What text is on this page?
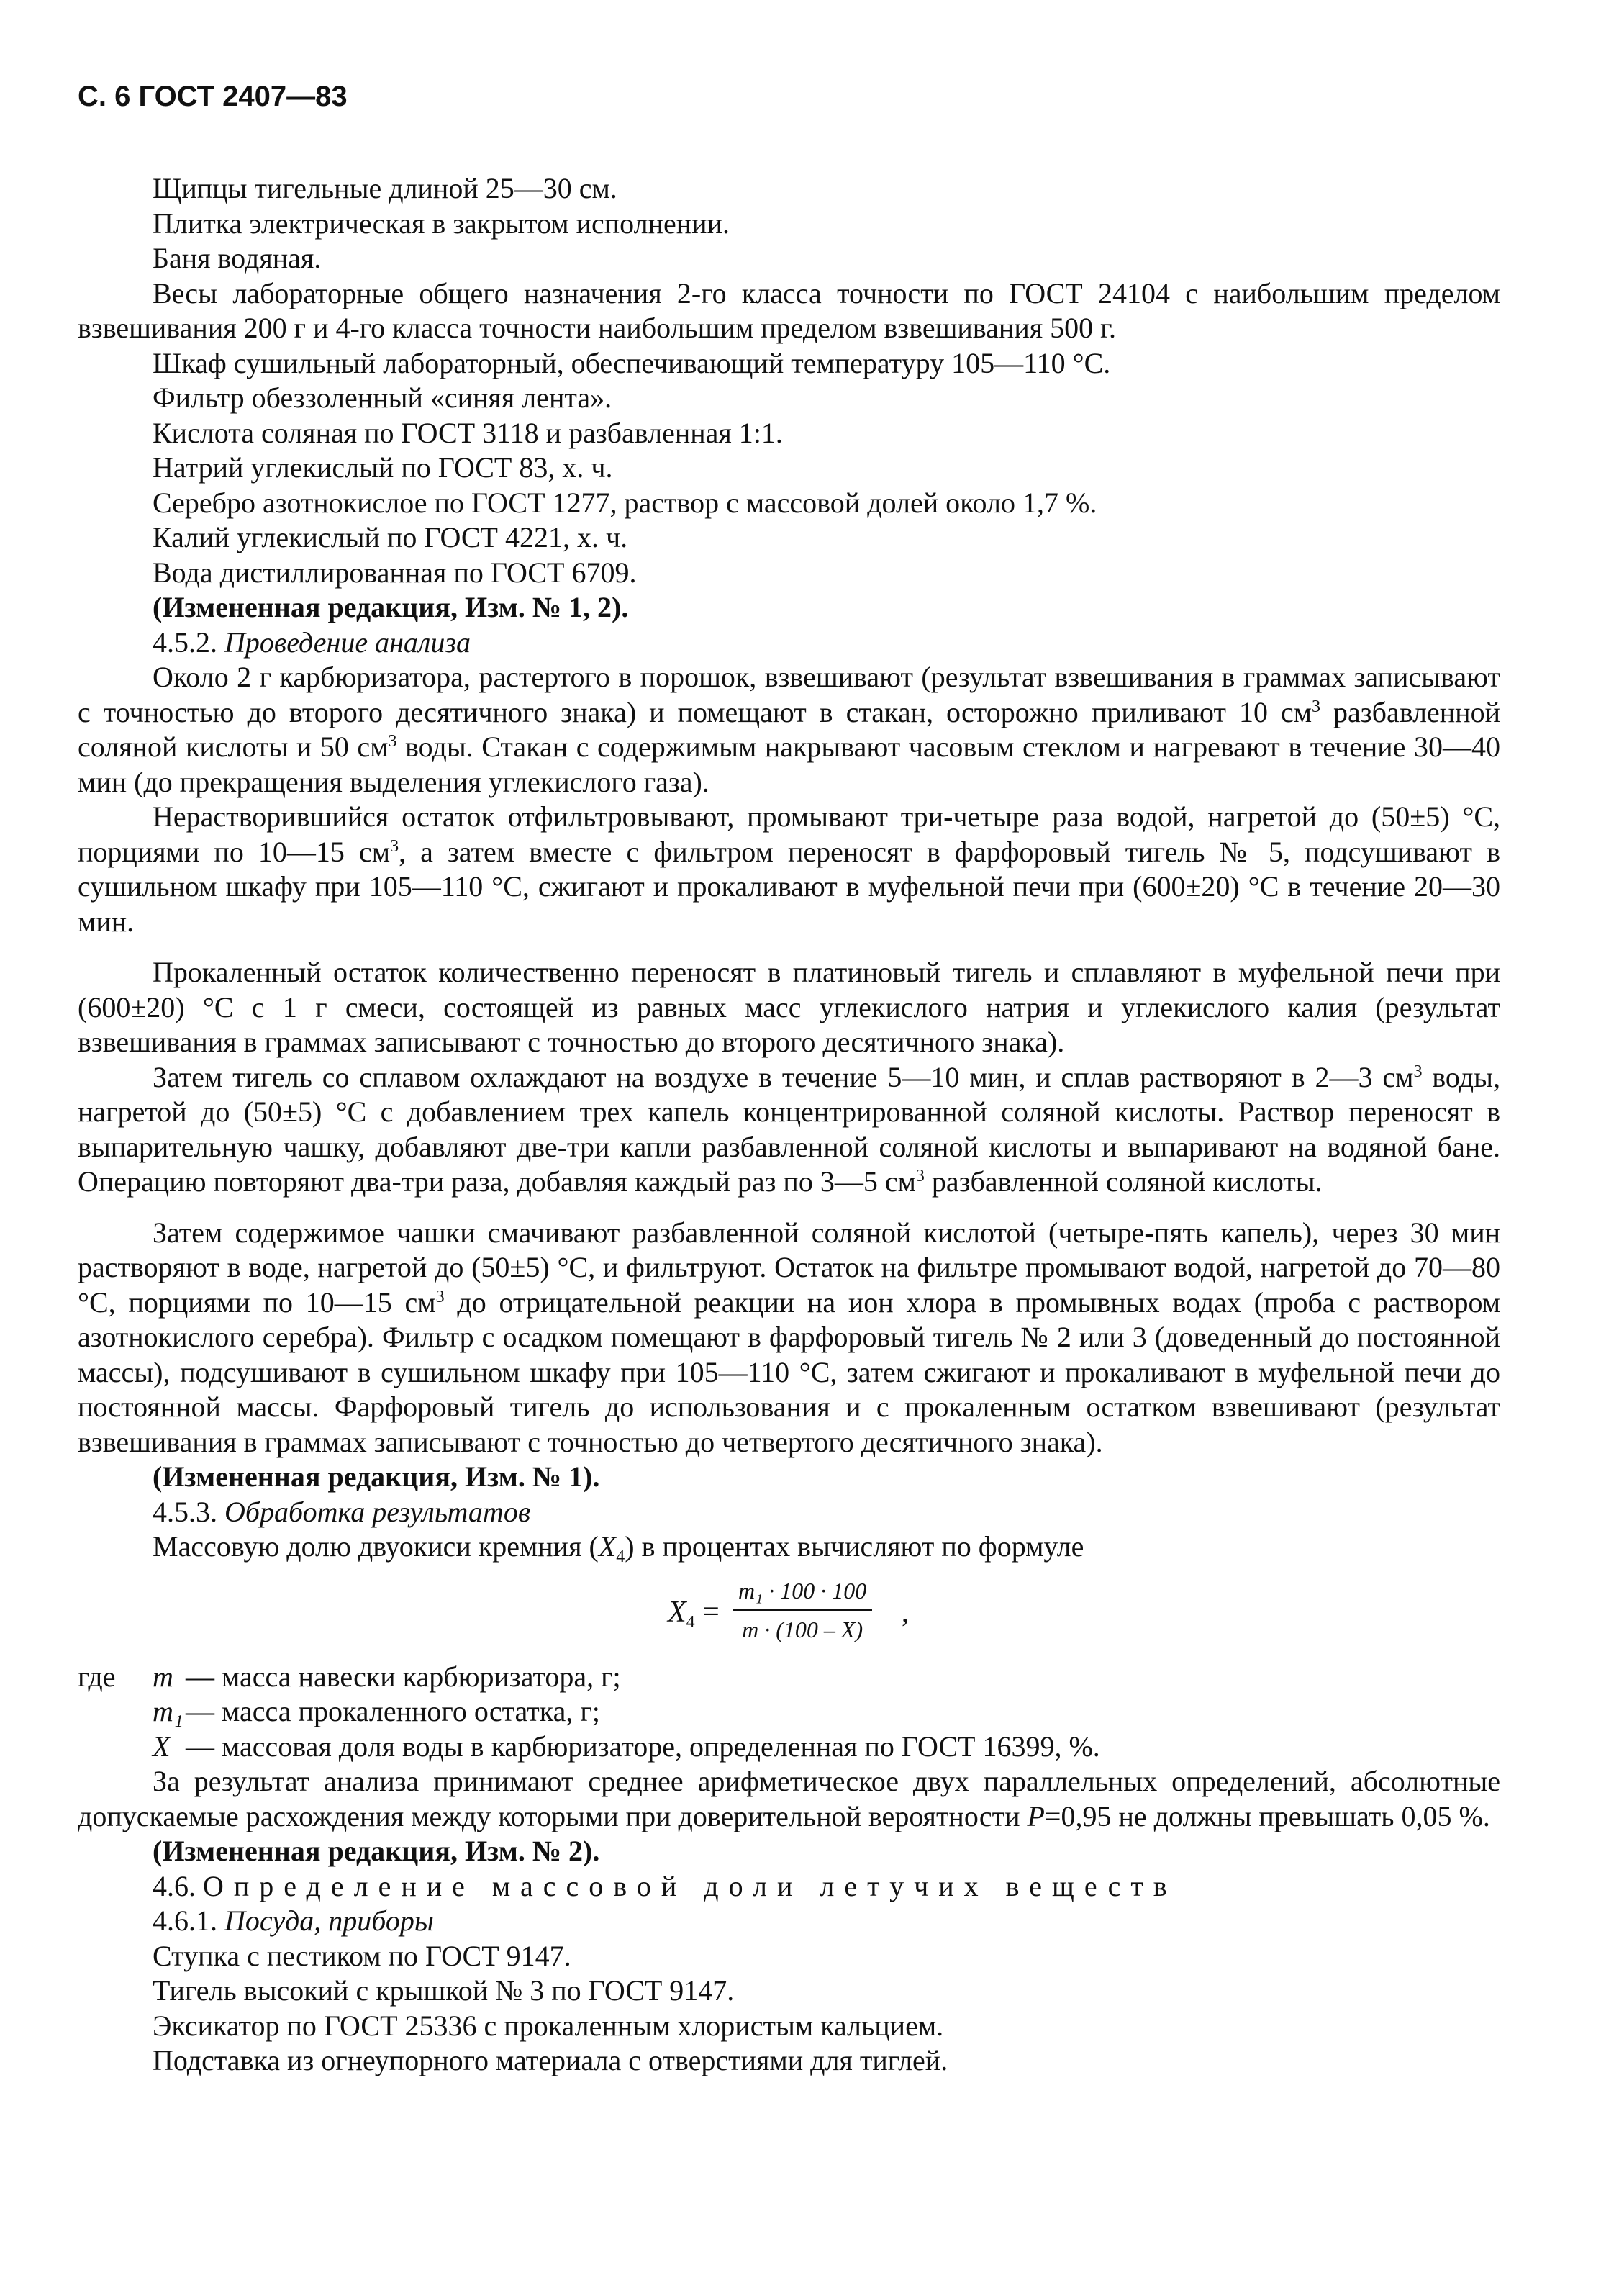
С. 6 ГОСТ 2407—83

Щипцы тигельные длиной 25—30 см.

Плитка электрическая в закрытом исполнении.

Баня водяная.

Весы лабораторные общего назначения 2-го класса точности по ГОСТ 24104 с наибольшим пределом взвешивания 200 г и 4-го класса точности наибольшим пределом взвешивания 500 г.

Шкаф сушильный лабораторный, обеспечивающий температуру 105—110 °С.

Фильтр обеззоленный «синяя лента».

Кислота соляная по ГОСТ 3118 и разбавленная 1:1.

Натрий углекислый по ГОСТ 83, х. ч.

Серебро азотнокислое по ГОСТ 1277, раствор с массовой долей около 1,7 %.

Калий углекислый по ГОСТ 4221, х. ч.

Вода дистиллированная по ГОСТ 6709.

(Измененная редакция, Изм. № 1, 2).

4.5.2. Проведение анализа

Около 2 г карбюризатора, растертого в порошок, взвешивают (результат взвешивания в граммах записывают с точностью до второго десятичного знака) и помещают в стакан, осторожно приливают 10 $см^3$ разбавленной соляной кислоты и 50 $см^3$ воды. Стакан с содержимым накрывают часовым стеклом и нагревают в течение 30—40 мин (до прекращения выделения углекислого газа).

Нерастворившийся остаток отфильтровывают, промывают три-четыре раза водой, нагретой до (50±5) °С, порциями по 10—15 $см^3$, а затем вместе с фильтром переносят в фарфоровый тигель № 5, подсушивают в сушильном шкафу при 105—110 °С, сжигают и прокаливают в муфельной печи при (600±20) °С в течение 20—30 мин.

Прокаленный остаток количественно переносят в платиновый тигель и сплавляют в муфельной печи при (600±20) °С с 1 г смеси, состоящей из равных масс углекислого натрия и углекислого калия (результат взвешивания в граммах записывают с точностью до второго десятичного знака).

Затем тигель со сплавом охлаждают на воздухе в течение 5—10 мин, и сплав растворяют в 2—3 $см^3$ воды, нагретой до (50±5) °С с добавлением трех капель концентрированной соляной кислоты. Раствор переносят в выпарительную чашку, добавляют две-три капли разбавленной соляной кислоты и выпаривают на водяной бане. Операцию повторяют два-три раза, добавляя каждый раз по 3—5 $см^3$ разбавленной соляной кислоты.

Затем содержимое чашки смачивают разбавленной соляной кислотой (четыре-пять капель), через 30 мин растворяют в воде, нагретой до (50±5) °С, и фильтруют. Остаток на фильтре промывают водой, нагретой до 70—80 °С, порциями по 10—15 $см^3$ до отрицательной реакции на ион хлора в промывных водах (проба с раствором азотнокислого серебра). Фильтр с осадком помещают в фарфоровый тигель № 2 или 3 (доведенный до постоянной массы), подсушивают в сушильном шкафу при 105—110 °С, затем сжигают и прокаливают в муфельной печи до постоянной массы. Фарфоровый тигель до использования и с прокаленным остатком взвешивают (результат взвешивания в граммах записывают с точностью до четвертого десятичного знака).

(Измененная редакция, Изм. № 1).

4.5.3. Обработка результатов

Массовую долю двуокиси кремния $(X_4)$ в процентах вычисляют по формуле

$X_4 = \frac{\text{m₁ · 100 · 100}}{m \cdot (100 - X)}$ ,
где	m — масса навески карбюризатора, г;
m₁ — масса прокаленного остатка, г;
X — массовая доля воды в карбюризаторе, определенная по ГОСТ 16399, %.

За результат анализа принимают среднее арифметическое двух параллельных определений, абсолютные допускаемые расхождения между которыми при доверительной вероятности P=0,95 не должны превышать 0,05 %.

(Измененная редакция, Изм. № 2).

4.6. Определение массовой доли летучих веществ

4.6.1. Посуда, приборы

Ступка с пестиком по ГОСТ 9147.

Тигель высокий с крышкой № 3 по ГОСТ 9147.

Эксикатор по ГОСТ 25336 с прокаленным хлористым кальцием.

Подставка из огнеупорного материала с отверстиями для тиглей.
